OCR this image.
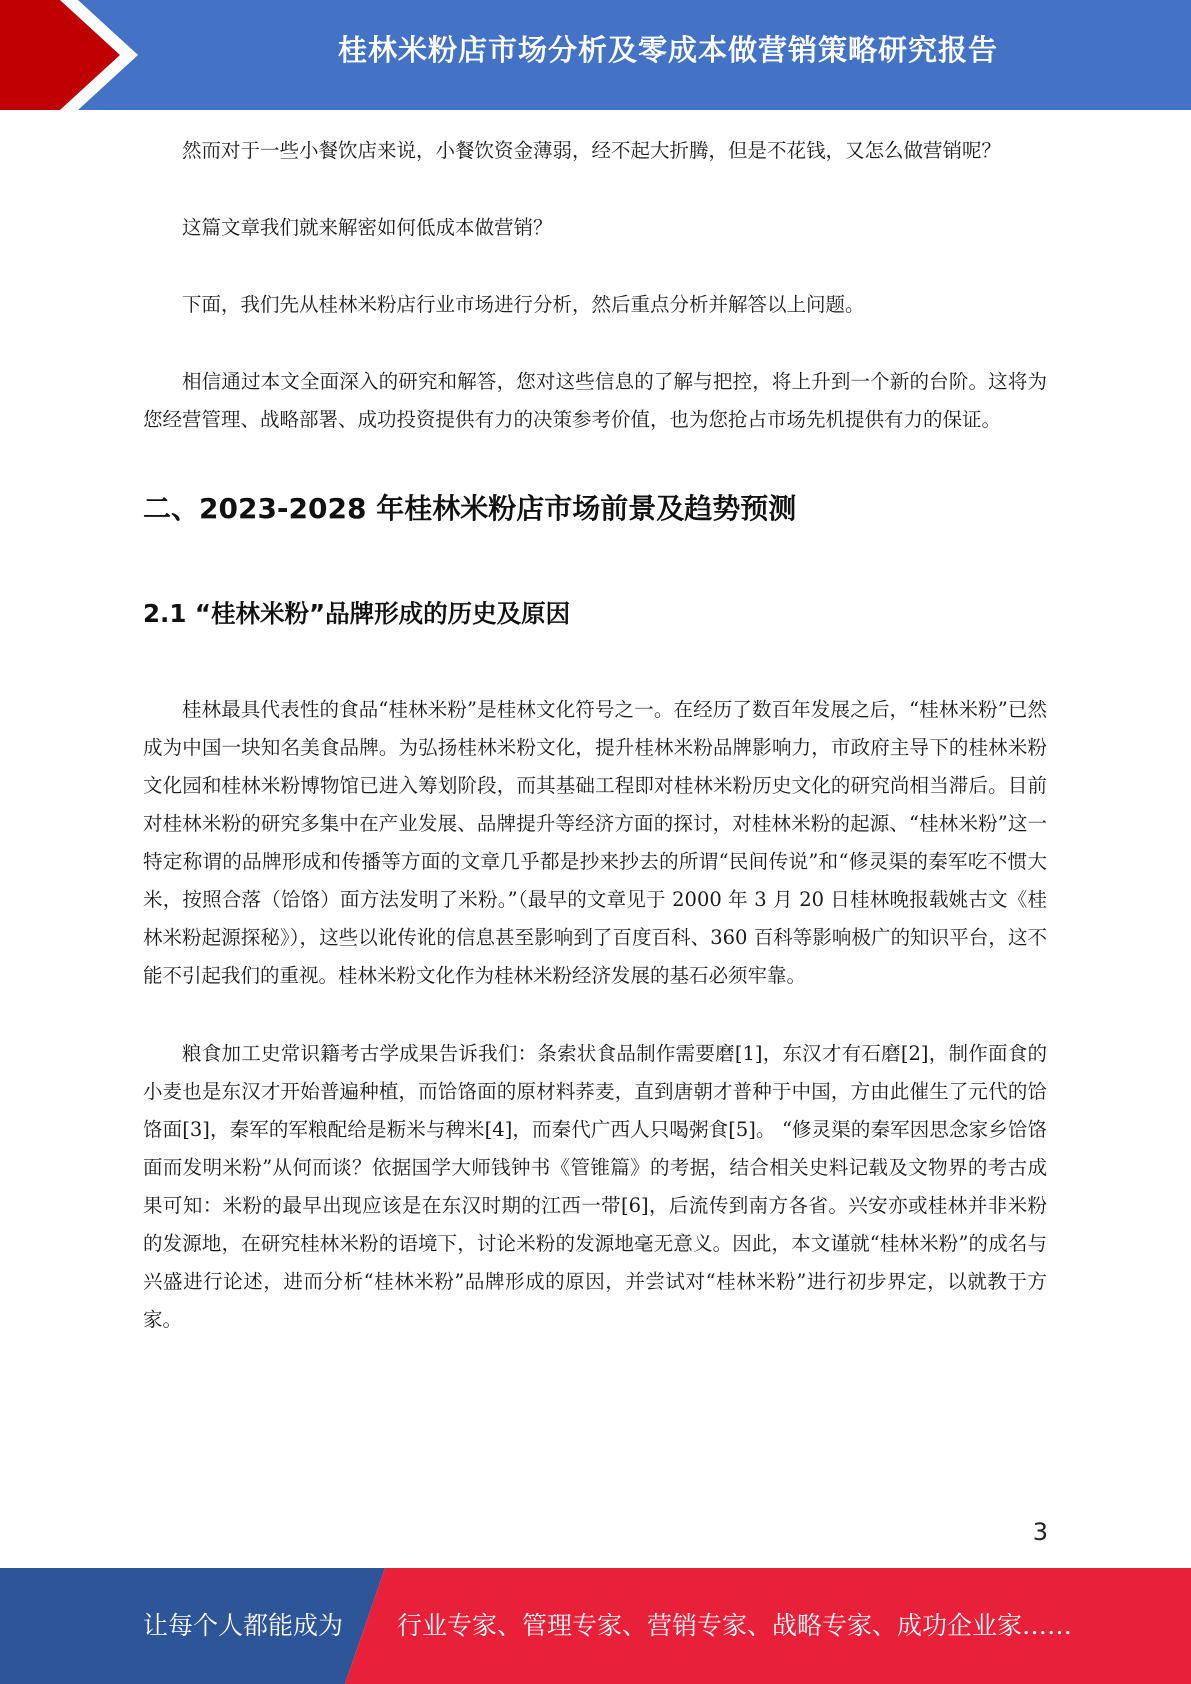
桂林米粉店市场分析及零成本做营销策略研究报告

然而对于一些小餐饮店来说，小餐饮资金薄弱，经不起大折腾，但是不花钱，又怎么做营销呢？

这篇文章我们就来解密如何低成本做营销？

下面，我们先从桂林米粉店行业市场进行分析，然后重点分析并解答以上问题。

相信通过本文全面深入的研究和解答，您对这些信息的了解与把控，将上升到一个新的台阶。这将为您经营管理、战略部署、成功投资提供有力的决策参考价值，也为您抢占市场先机提供有力的保证。

二、2023-2028 年桂林米粉店市场前景及趋势预测
2.1 “桂林米粉”品牌形成的历史及原因

桂林最具代表性的食品“桂林米粉”是桂林文化符号之一。在经历了数百年发展之后，“桂林米粉”已然成为中国一块知名美食品牌。为弘扬桂林米粉文化，提升桂林米粉品牌影响力，市政府主导下的桂林米粉文化园和桂林米粉博物馆已进入筹划阶段，而其基础工程即对桂林米粉历史文化的研究尚相当滞后。目前对桂林米粉的研究多集中在产业发展、品牌提升等经济方面的探讨，对桂林米粉的起源、“桂林米粉”这一特定称谓的品牌形成和传播等方面的文章几乎都是抄来抄去的所谓“民间传说”和“修灵渠的秦军吃不惯大米，按照合落（饸饹）面方法发明了米粉。”（最早的文章见于 2000 年 3 月 20 日桂林晚报载姚古文《桂林米粉起源探秘》），这些以讹传讹的信息甚至影响到了百度百科、360 百科等影响极广的知识平台，这不能不引起我们的重视。桂林米粉文化作为桂林米粉经济发展的基石必须牢靠。

粮食加工史常识籍考古学成果告诉我们：条索状食品制作需要磨[1]，东汉才有石磨[2]，制作面食的小麦也是东汉才开始普遍种植，而饸饹面的原材料荞麦，直到唐朝才普种于中国，方由此催生了元代的饸饹面[3]，秦军的军粮配给是粝米与稗米[4]，而秦代广西人只喝粥食[5]。 “修灵渠的秦军因思念家乡饸饹面而发明米粉”从何而谈？依据国学大师钱钟书《管锥篇》的考据，结合相关史料记载及文物界的考古成果可知：米粉的最早出现应该是在东汉时期的江西一带[6]，后流传到南方各省。兴安亦或桂林并非米粉的发源地，在研究桂林米粉的语境下，讨论米粉的发源地毫无意义。因此，本文谨就“桂林米粉”的成名与兴盛进行论述，进而分析“桂林米粉”品牌形成的原因，并尝试对“桂林米粉”进行初步界定，以就教于方家。

3
让每个人都能成为 行业专家、管理专家、营销专家、战略专家、成功企业家……
